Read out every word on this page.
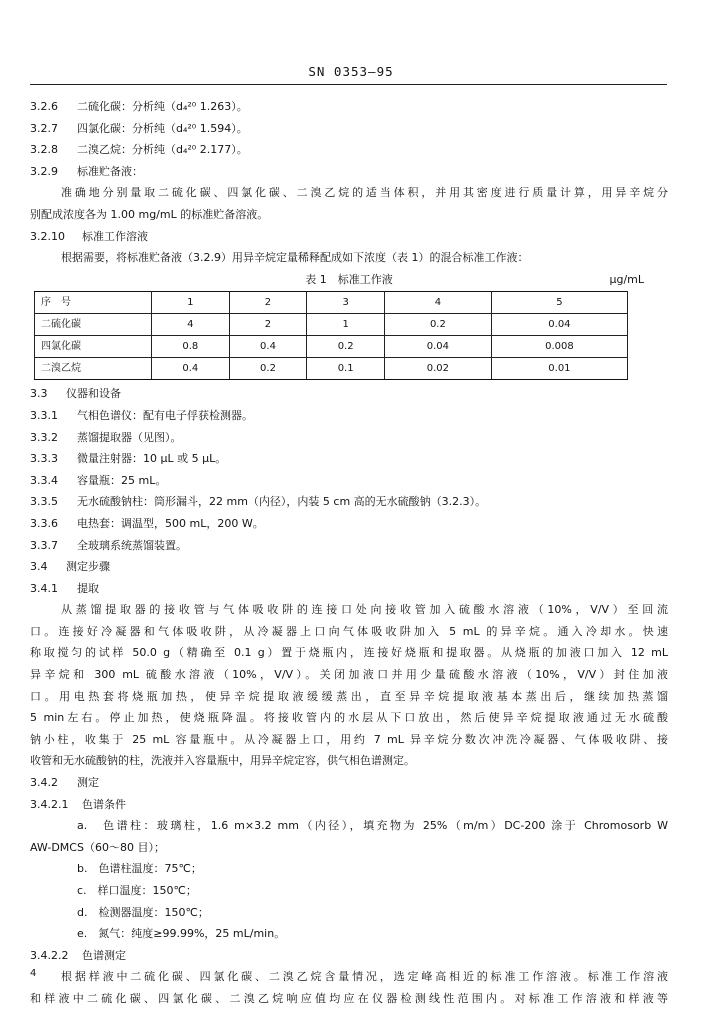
SN 0353—95
3.2.6 二硫化碳：分析纯（d₄²⁰ 1.263）。
3.2.7 四氯化碳：分析纯（d₄²⁰ 1.594）。
3.2.8 二溴乙烷：分析纯（d₄²⁰ 2.177）。
3.2.9 标准贮备液：
准确地分别量取二硫化碳、四氯化碳、二溴乙烷的适当体积，并用其密度进行质量计算，用异辛烷分
别配成浓度各为 1.00 mg/mL 的标准贮备溶液。
3.2.10 标准工作溶液
根据需要，将标准贮备液（3.2.9）用异辛烷定量稀释配成如下浓度（表 1）的混合标准工作液：
表 1　标准工作液	μg/mL
序　号	1	2	3	4	5
二硫化碳	4	2	1	0.2	0.04
四氯化碳	0.8	0.4	0.2	0.04	0.008
二溴乙烷	0.4	0.2	0.1	0.02	0.01
3.3 仪器和设备
3.3.1 气相色谱仪：配有电子俘获检测器。
3.3.2 蒸馏提取器（见图）。
3.3.3 微量注射器：10 μL 或 5 μL。
3.3.4 容量瓶：25 mL。
3.3.5 无水硫酸钠柱：筒形漏斗，22 mm（内径），内装 5 cm 高的无水硫酸钠（3.2.3）。
3.3.6 电热套：调温型，500 mL，200 W。
3.3.7 全玻璃系统蒸馏装置。
3.4 测定步骤
3.4.1 提取
从蒸馏提取器的接收管与气体吸收阱的连接口处向接收管加入硫酸水溶液（10%，V/V）至回流
口。连接好冷凝器和气体吸收阱，从冷凝器上口向气体吸收阱加入 5 mL 的异辛烷。通入冷却水。快速
称取搅匀的试样 50.0 g（精确至 0.1 g）置于烧瓶内，连接好烧瓶和提取器。从烧瓶的加液口加入 12 mL
异辛烷和 300 mL 硫酸水溶液（10%，V/V）。关闭加液口并用少量硫酸水溶液（10%，V/V）封住加液
口。用电热套将烧瓶加热，使异辛烷提取液缓缓蒸出，直至异辛烷提取液基本蒸出后，继续加热蒸馏
5 min左右。停止加热，使烧瓶降温。将接收管内的水层从下口放出，然后使异辛烷提取液通过无水硫酸
钠小柱，收集于 25 mL 容量瓶中。从冷凝器上口，用约 7 mL 异辛烷分数次冲洗冷凝器、气体吸收阱、接
收管和无水硫酸钠的柱，洗液并入容量瓶中，用异辛烷定容，供气相色谱测定。
3.4.2 测定
3.4.2.1 色谱条件
a.　色谱柱：玻璃柱，1.6 m×3.2 mm（内径），填充物为 25%（m/m）DC-200 涂于 Chromosorb W
AW-DMCS（60～80 目）；
b.　色谱柱温度：75℃；
c.　样口温度：150℃；
d.　检测器温度：150℃；
e.　氮气：纯度≥99.99%，25 mL/min。
3.4.2.2 色谱测定
根据样液中二硫化碳、四氯化碳、二溴乙烷含量情况，选定峰高相近的标准工作溶液。标准工作溶液
和样液中二硫化碳、四氯化碳、二溴乙烷响应值均应在仪器检测线性范围内。对标准工作溶液和样液等
4
